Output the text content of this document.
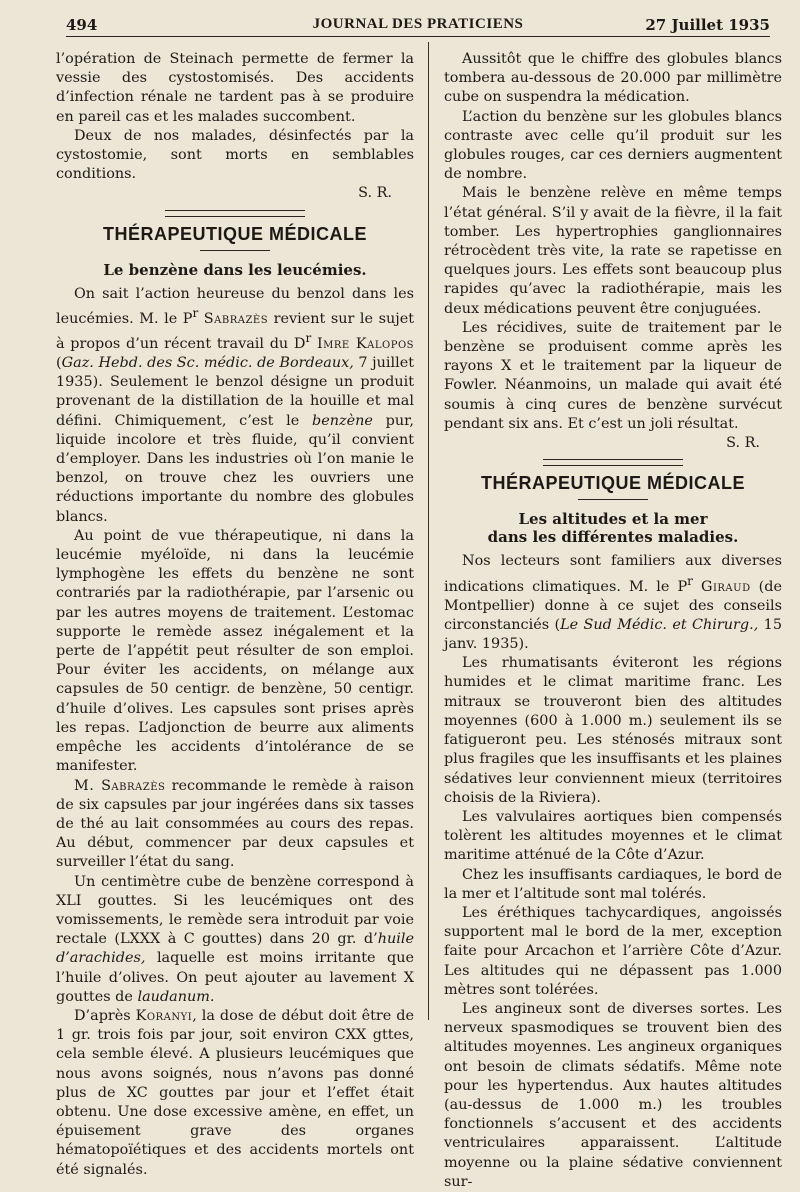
494	JOURNAL DES PRATICIENS	27 Juillet 1935

l’opération de Steinach permette de fermer la vessie des cystostomisés. Des accidents d’infection rénale ne tardent pas à se produire en pareil cas et les malades succombent.

Deux de nos malades, désinfectés par la cystostomie, sont morts en semblables conditions.

S. R.

THÉRAPEUTIQUE MÉDICALE
Le benzène dans les leucémies.

On sait l’action heureuse du benzol dans les leucémies. M. le $P^r$ Sabrazès revient sur le sujet à propos d’un récent travail du $D^r$ Imre Kalopos (Gaz. Hebd. des Sc. médic. de Bordeaux, 7 juillet 1935). Seulement le benzol désigne un produit provenant de la distillation de la houille et mal défini. Chimiquement, c’est le benzène pur, liquide incolore et très fluide, qu’il convient d’employer. Dans les industries où l’on manie le benzol, on trouve chez les ouvriers une réductions importante du nombre des globules blancs.

Au point de vue thérapeutique, ni dans la leucémie myéloïde, ni dans la leucémie lymphogène les effets du benzène ne sont contrariés par la radiothérapie, par l’arsenic ou par les autres moyens de traitement. L’estomac supporte le remède assez inégalement et la perte de l’appétit peut résulter de son emploi. Pour éviter les accidents, on mélange aux capsules de 50 centigr. de benzène, 50 centigr. d’huile d’olives. Les capsules sont prises après les repas. L’adjonction de beurre aux aliments empêche les accidents d’intolérance de se manifester.

M. Sabrazès recommande le remède à raison de six capsules par jour ingérées dans six tasses de thé au lait consommées au cours des repas. Au début, commencer par deux capsules et surveiller l’état du sang.

Un centimètre cube de benzène correspond à XLI gouttes. Si les leucémiques ont des vomissements, le remède sera introduit par voie rectale (LXXX à C gouttes) dans 20 gr. d’huile d’arachides, laquelle est moins irritante que l’huile d’olives. On peut ajouter au lavement X gouttes de laudanum.

D’après Koranyi, la dose de début doit être de 1 gr. trois fois par jour, soit environ CXX gttes, cela semble élevé. A plusieurs leucémiques que nous avons soignés, nous n’avons pas donné plus de XC gouttes par jour et l’effet était obtenu. Une dose excessive amène, en effet, un épuisement grave des organes hématopoïétiques et des accidents mortels ont été signalés.

Aussitôt que le chiffre des globules blancs tombera au-dessous de 20.000 par millimètre cube on suspendra la médication.

L’action du benzène sur les globules blancs contraste avec celle qu’il produit sur les globules rouges, car ces derniers augmentent de nombre.

Mais le benzène relève en même temps l’état général. S’il y avait de la fièvre, il la fait tomber. Les hypertrophies ganglionnaires rétrocèdent très vite, la rate se rapetisse en quelques jours. Les effets sont beaucoup plus rapides qu’avec la radiothérapie, mais les deux médications peuvent être conjuguées.

Les récidives, suite de traitement par le benzène se produisent comme après les rayons X et le traitement par la liqueur de Fowler. Néanmoins, un malade qui avait été soumis à cinq cures de benzène survécut pendant six ans. Et c’est un joli résultat.

S. R.

THÉRAPEUTIQUE MÉDICALE
Les altitudes et la mer
dans les différentes maladies.

Nos lecteurs sont familiers aux diverses indications climatiques. M. le $P^r$ Giraud (de Montpellier) donne à ce sujet des conseils circonstanciés (Le Sud Médic. et Chirurg., 15 janv. 1935).

Les rhumatisants éviteront les régions humides et le climat maritime franc. Les mitraux se trouveront bien des altitudes moyennes (600 à 1.000 m.) seulement ils se fatigueront peu. Les sténosés mitraux sont plus fragiles que les insuffisants et les plaines sédatives leur conviennent mieux (territoires choisis de la Riviera).

Les valvulaires aortiques bien compensés tolèrent les altitudes moyennes et le climat maritime atténué de la Côte d’Azur.

Chez les insuffisants cardiaques, le bord de la mer et l’altitude sont mal tolérés.

Les éréthiques tachycardiques, angoissés supportent mal le bord de la mer, exception faite pour Arcachon et l’arrière Côte d’Azur. Les altitudes qui ne dépassent pas 1.000 mètres sont tolérées.

Les angineux sont de diverses sortes. Les nerveux spasmodiques se trouvent bien des altitudes moyennes. Les angineux organiques ont besoin de climats sédatifs. Même note pour les hypertendus. Aux hautes altitudes (au-dessus de 1.000 m.) les troubles fonctionnels s’accusent et des accidents ventriculaires apparaissent. L’altitude moyenne ou la plaine sédative conviennent sur-
